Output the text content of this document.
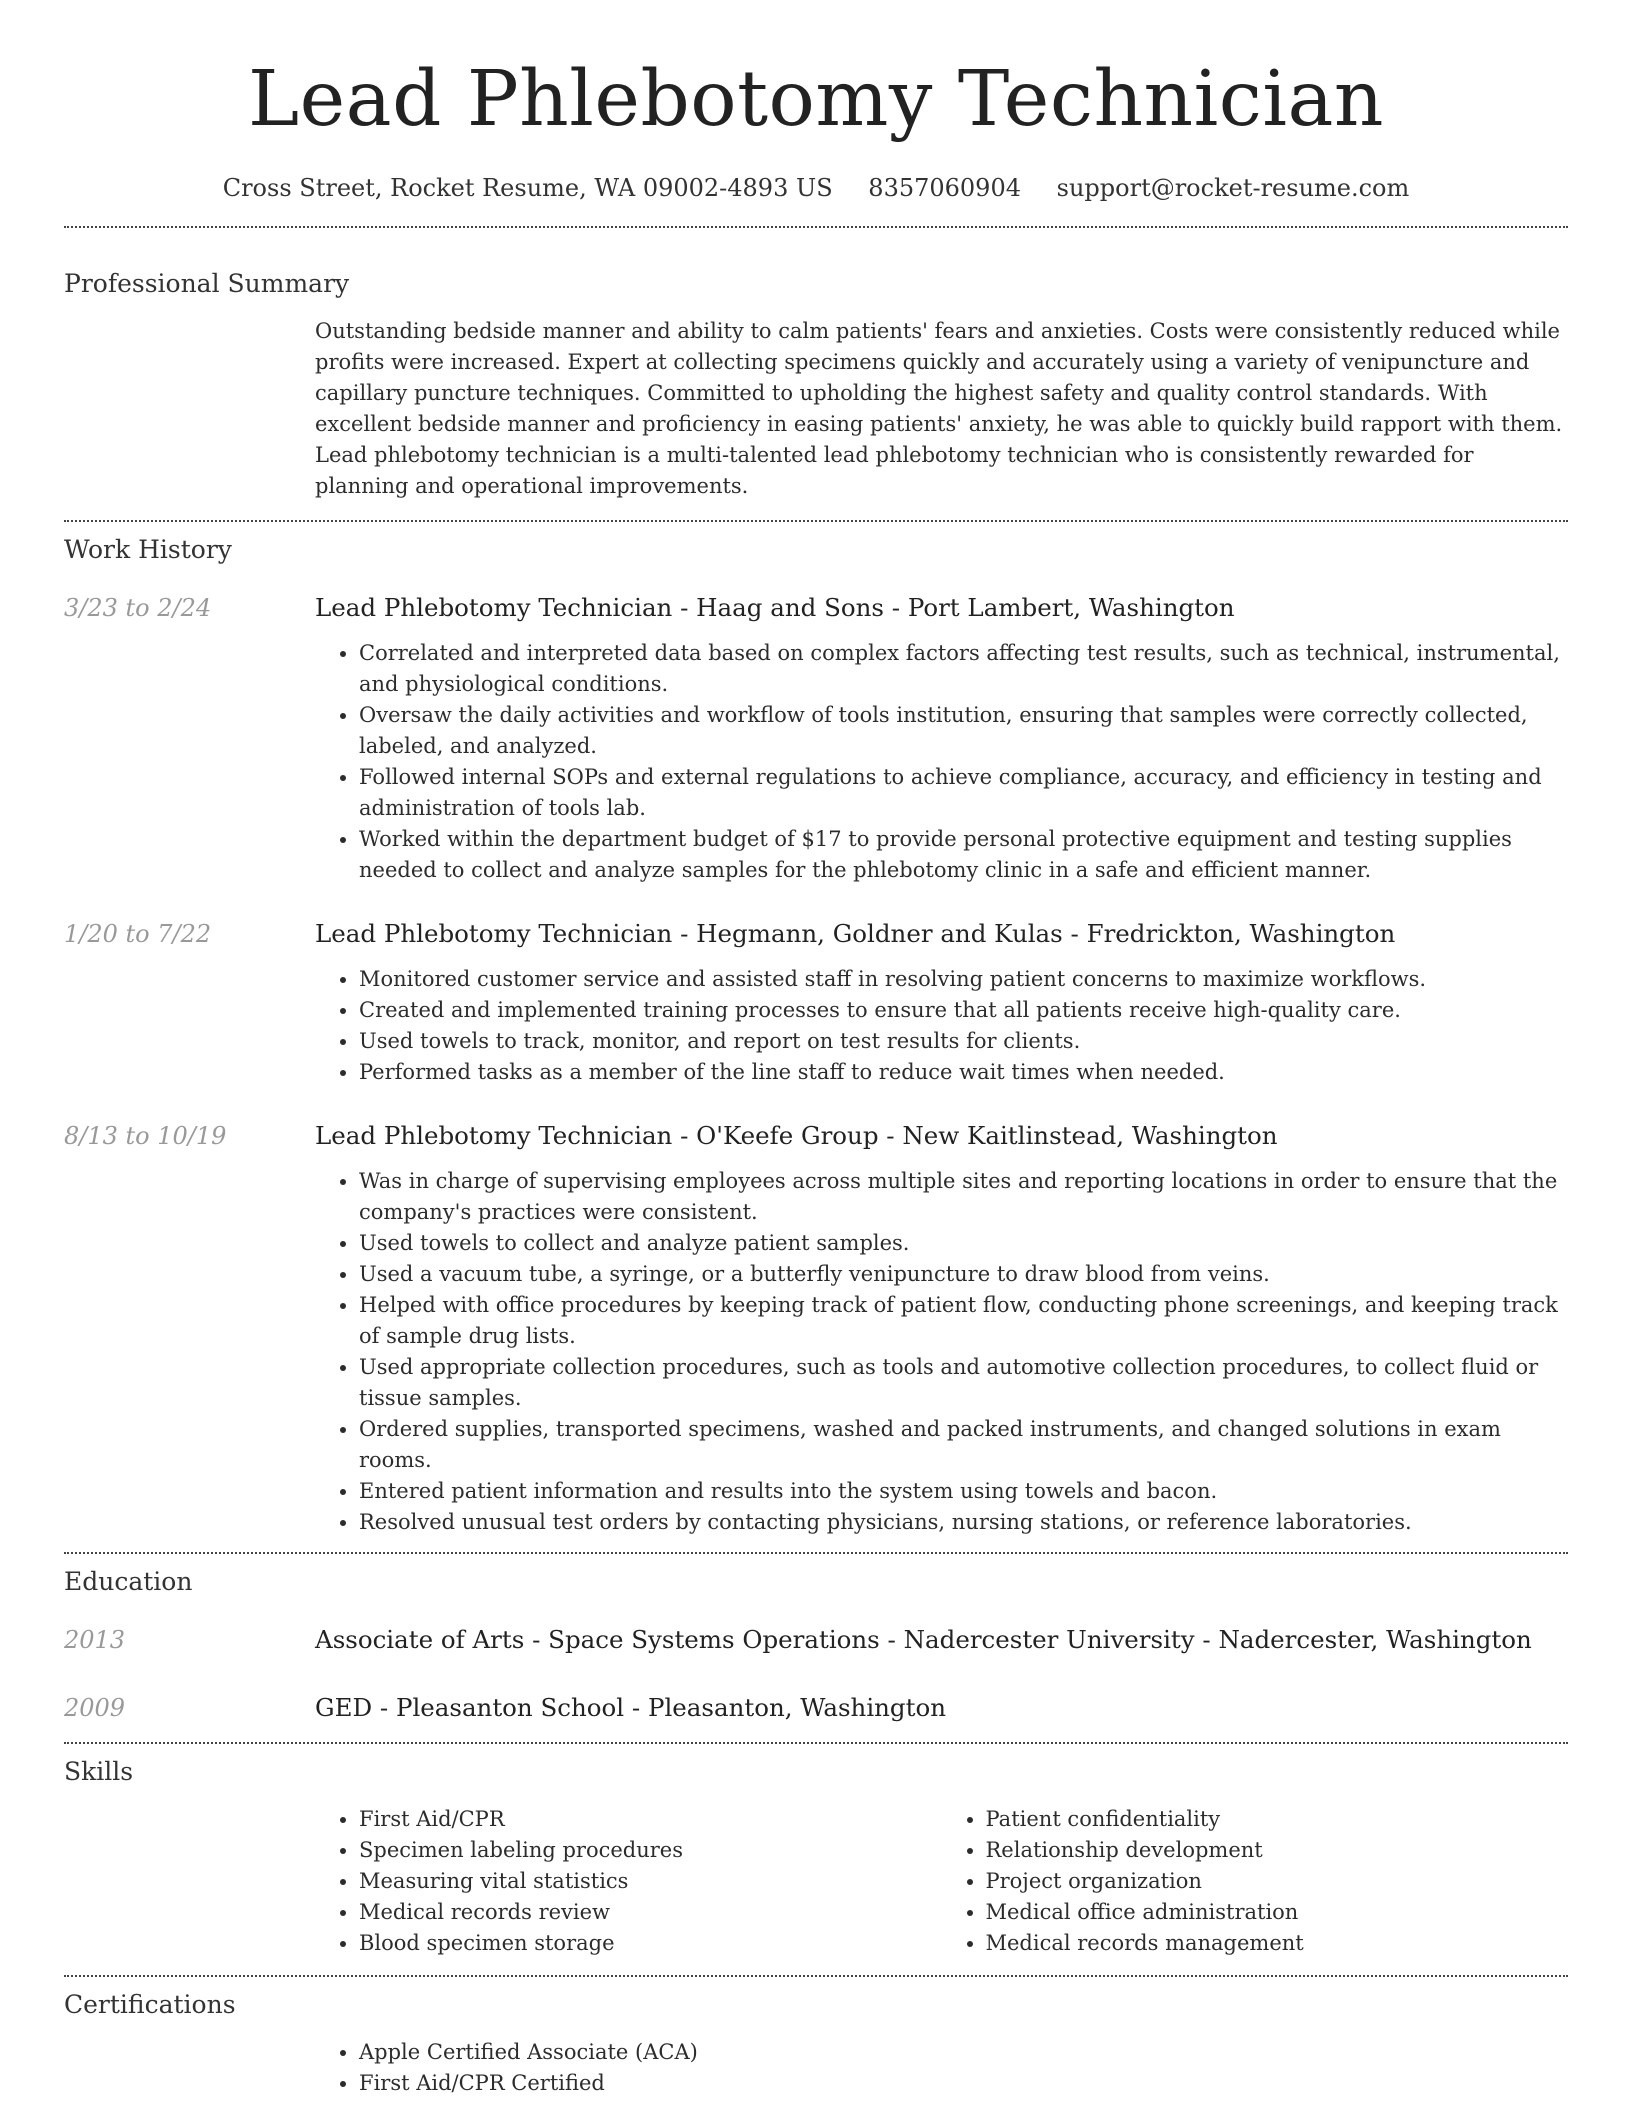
Lead Phlebotomy Technician
Cross Street, Rocket Resume, WA 09002-4893 US 8357060904 support@rocket-resume.com
Professional Summary

Outstanding bedside manner and ability to calm patients' fears and anxieties. Costs were consistently reduced while profits were increased. Expert at collecting specimens quickly and accurately using a variety of venipuncture and capillary puncture techniques. Committed to upholding the highest safety and quality control standards. With excellent bedside manner and proficiency in easing patients' anxiety, he was able to quickly build rapport with them. Lead phlebotomy technician is a multi-talented lead phlebotomy technician who is consistently rewarded for planning and operational improvements.

Work History
3/23 to 2/24	Lead Phlebotomy Technician - Haag and Sons - Port Lambert, Washington
• Correlated and interpreted data based on complex factors affecting test results, such as technical, instrumental, and physiological conditions.
• Oversaw the daily activities and workflow of tools institution, ensuring that samples were correctly collected, labeled, and analyzed.
• Followed internal SOPs and external regulations to achieve compliance, accuracy, and efficiency in testing and administration of tools lab.
• Worked within the department budget of $17 to provide personal protective equipment and testing supplies needed to collect and analyze samples for the phlebotomy clinic in a safe and efficient manner.
1/20 to 7/22	Lead Phlebotomy Technician - Hegmann, Goldner and Kulas - Fredrickton, Washington
• Monitored customer service and assisted staff in resolving patient concerns to maximize workflows.
• Created and implemented training processes to ensure that all patients receive high-quality care.
• Used towels to track, monitor, and report on test results for clients.
• Performed tasks as a member of the line staff to reduce wait times when needed.
8/13 to 10/19	Lead Phlebotomy Technician - O'Keefe Group - New Kaitlinstead, Washington
• Was in charge of supervising employees across multiple sites and reporting locations in order to ensure that the company's practices were consistent.
• Used towels to collect and analyze patient samples.
• Used a vacuum tube, a syringe, or a butterfly venipuncture to draw blood from veins.
• Helped with office procedures by keeping track of patient flow, conducting phone screenings, and keeping track of sample drug lists.
• Used appropriate collection procedures, such as tools and automotive collection procedures, to collect fluid or tissue samples.
• Ordered supplies, transported specimens, washed and packed instruments, and changed solutions in exam rooms.
• Entered patient information and results into the system using towels and bacon.
• Resolved unusual test orders by contacting physicians, nursing stations, or reference laboratories.
Education
2013	Associate of Arts - Space Systems Operations - Nadercester University - Nadercester, Washington
2009	GED - Pleasanton School - Pleasanton, Washington
Skills
• First Aid/CPR
• Specimen labeling procedures
• Measuring vital statistics
• Medical records review
• Blood specimen storage
• Patient confidentiality
• Relationship development
• Project organization
• Medical office administration
• Medical records management
Certifications
• Apple Certified Associate (ACA)
• First Aid/CPR Certified
